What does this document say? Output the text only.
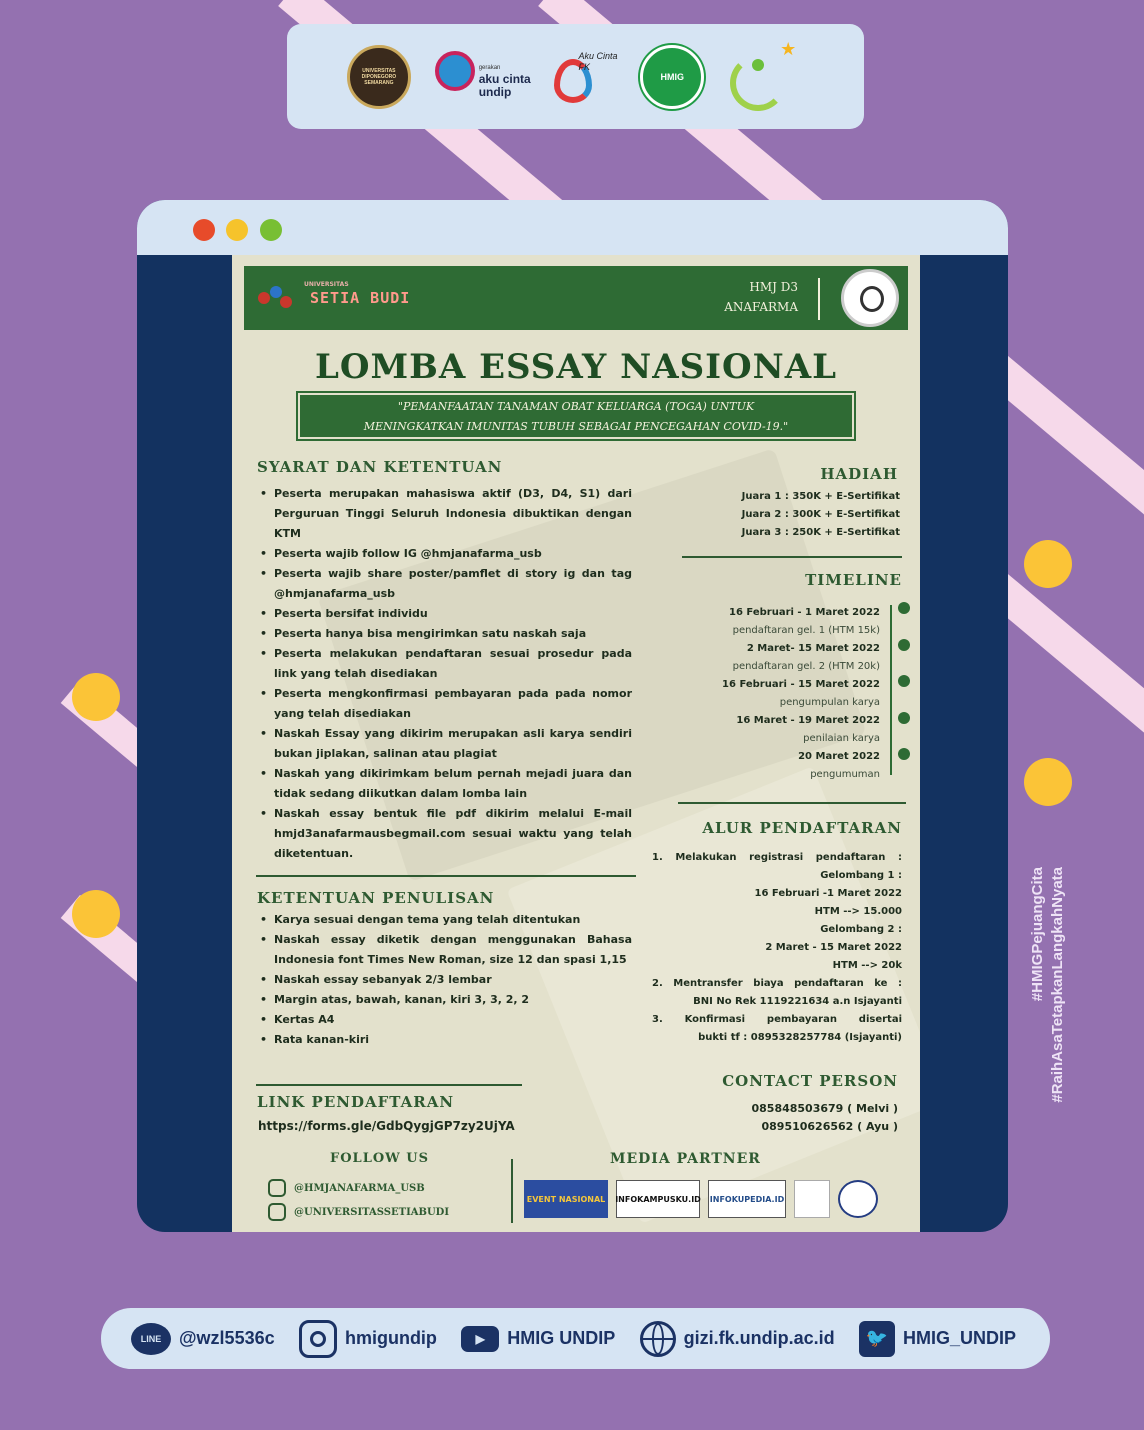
UNIVERSITAS DIPONEGORO SEMARANG
gerakan
aku cinta undip
Aku Cinta FK
HMIG
★
UNIVERSITAS
SETIA BUDI
HMJ D3
ANAFARMA
LOMBA ESSAY NASIONAL
"PEMANFAATAN TANAMAN OBAT KELUARGA (TOGA) UNTUK
MENINGKATKAN IMUNITAS TUBUH SEBAGAI PENCEGAHAN COVID-19."
SYARAT DAN KETENTUAN
• Peserta merupakan mahasiswa aktif (D3, D4, S1) dari Perguruan Tinggi Seluruh Indonesia dibuktikan dengan KTM
• Peserta wajib follow IG @hmjanafarma_usb
• Peserta wajib share poster/pamflet di story ig dan tag @hmjanafarma_usb
• Peserta bersifat individu
• Peserta hanya bisa mengirimkan satu naskah saja
• Peserta melakukan pendaftaran sesuai prosedur pada link yang telah disediakan
• Peserta mengkonfirmasi pembayaran pada pada nomor yang telah disediakan
• Naskah Essay yang dikirim merupakan asli karya sendiri bukan jiplakan, salinan atau plagiat
• Naskah yang dikirimkam belum pernah mejadi juara dan tidak sedang diikutkan dalam lomba lain
• Naskah essay bentuk file pdf dikirim melalui E-mail hmjd3anafarmausbegmail.com sesuai waktu yang telah diketentuan.
KETENTUAN PENULISAN
• Karya sesuai dengan tema yang telah ditentukan
• Naskah essay diketik dengan menggunakan Bahasa Indonesia font Times New Roman, size 12 dan spasi 1,15
• Naskah essay sebanyak 2/3 lembar
• Margin atas, bawah, kanan, kiri 3, 3, 2, 2
• Kertas A4
• Rata kanan-kiri
LINK PENDAFTARAN
https://forms.gle/GdbQygjGP7zy2UjYA
HADIAH
Juara 1 : 350K + E-Sertifikat
Juara 2 : 300K + E-Sertifikat
Juara 3 : 250K + E-Sertifikat
TIMELINE
16 Februari - 1 Maret 2022
pendaftaran gel. 1 (HTM 15k)
2 Maret- 15 Maret 2022
pendaftaran gel. 2 (HTM 20k)
16 Februari - 15 Maret 2022
pengumpulan karya
16 Maret - 19 Maret 2022
penilaian karya
20 Maret 2022
pengumuman
ALUR PENDAFTARAN
1. Melakukan registrasi pendaftaran :
Gelombang 1 :
16 Februari -1 Maret 2022
HTM --> 15.000
Gelombang 2 :
2 Maret - 15 Maret 2022
HTM --> 20k
2. Mentransfer biaya pendaftaran ke :
BNI No Rek 1119221634 a.n Isjayanti
3. Konfirmasi pembayaran disertai
bukti tf : 0895328257784 (Isjayanti)
CONTACT PERSON
085848503679 ( Melvi )
089510626562 ( Ayu )
FOLLOW US
@HMJANAFARMA_USB
@UNIVERSITASSETIABUDI
MEDIA PARTNER
EVENT NASIONAL	INFOKAMPUSKU.ID INFOKUPEDIA.ID
#HMIGPejuangCita #RaihAsaTetapkanLangkahNyata
LINE @wzl5536c	hmigundip	▶	HMIG UNDIP	gizi.fk.undip.ac.id	🐦 HMIG_UNDIP
